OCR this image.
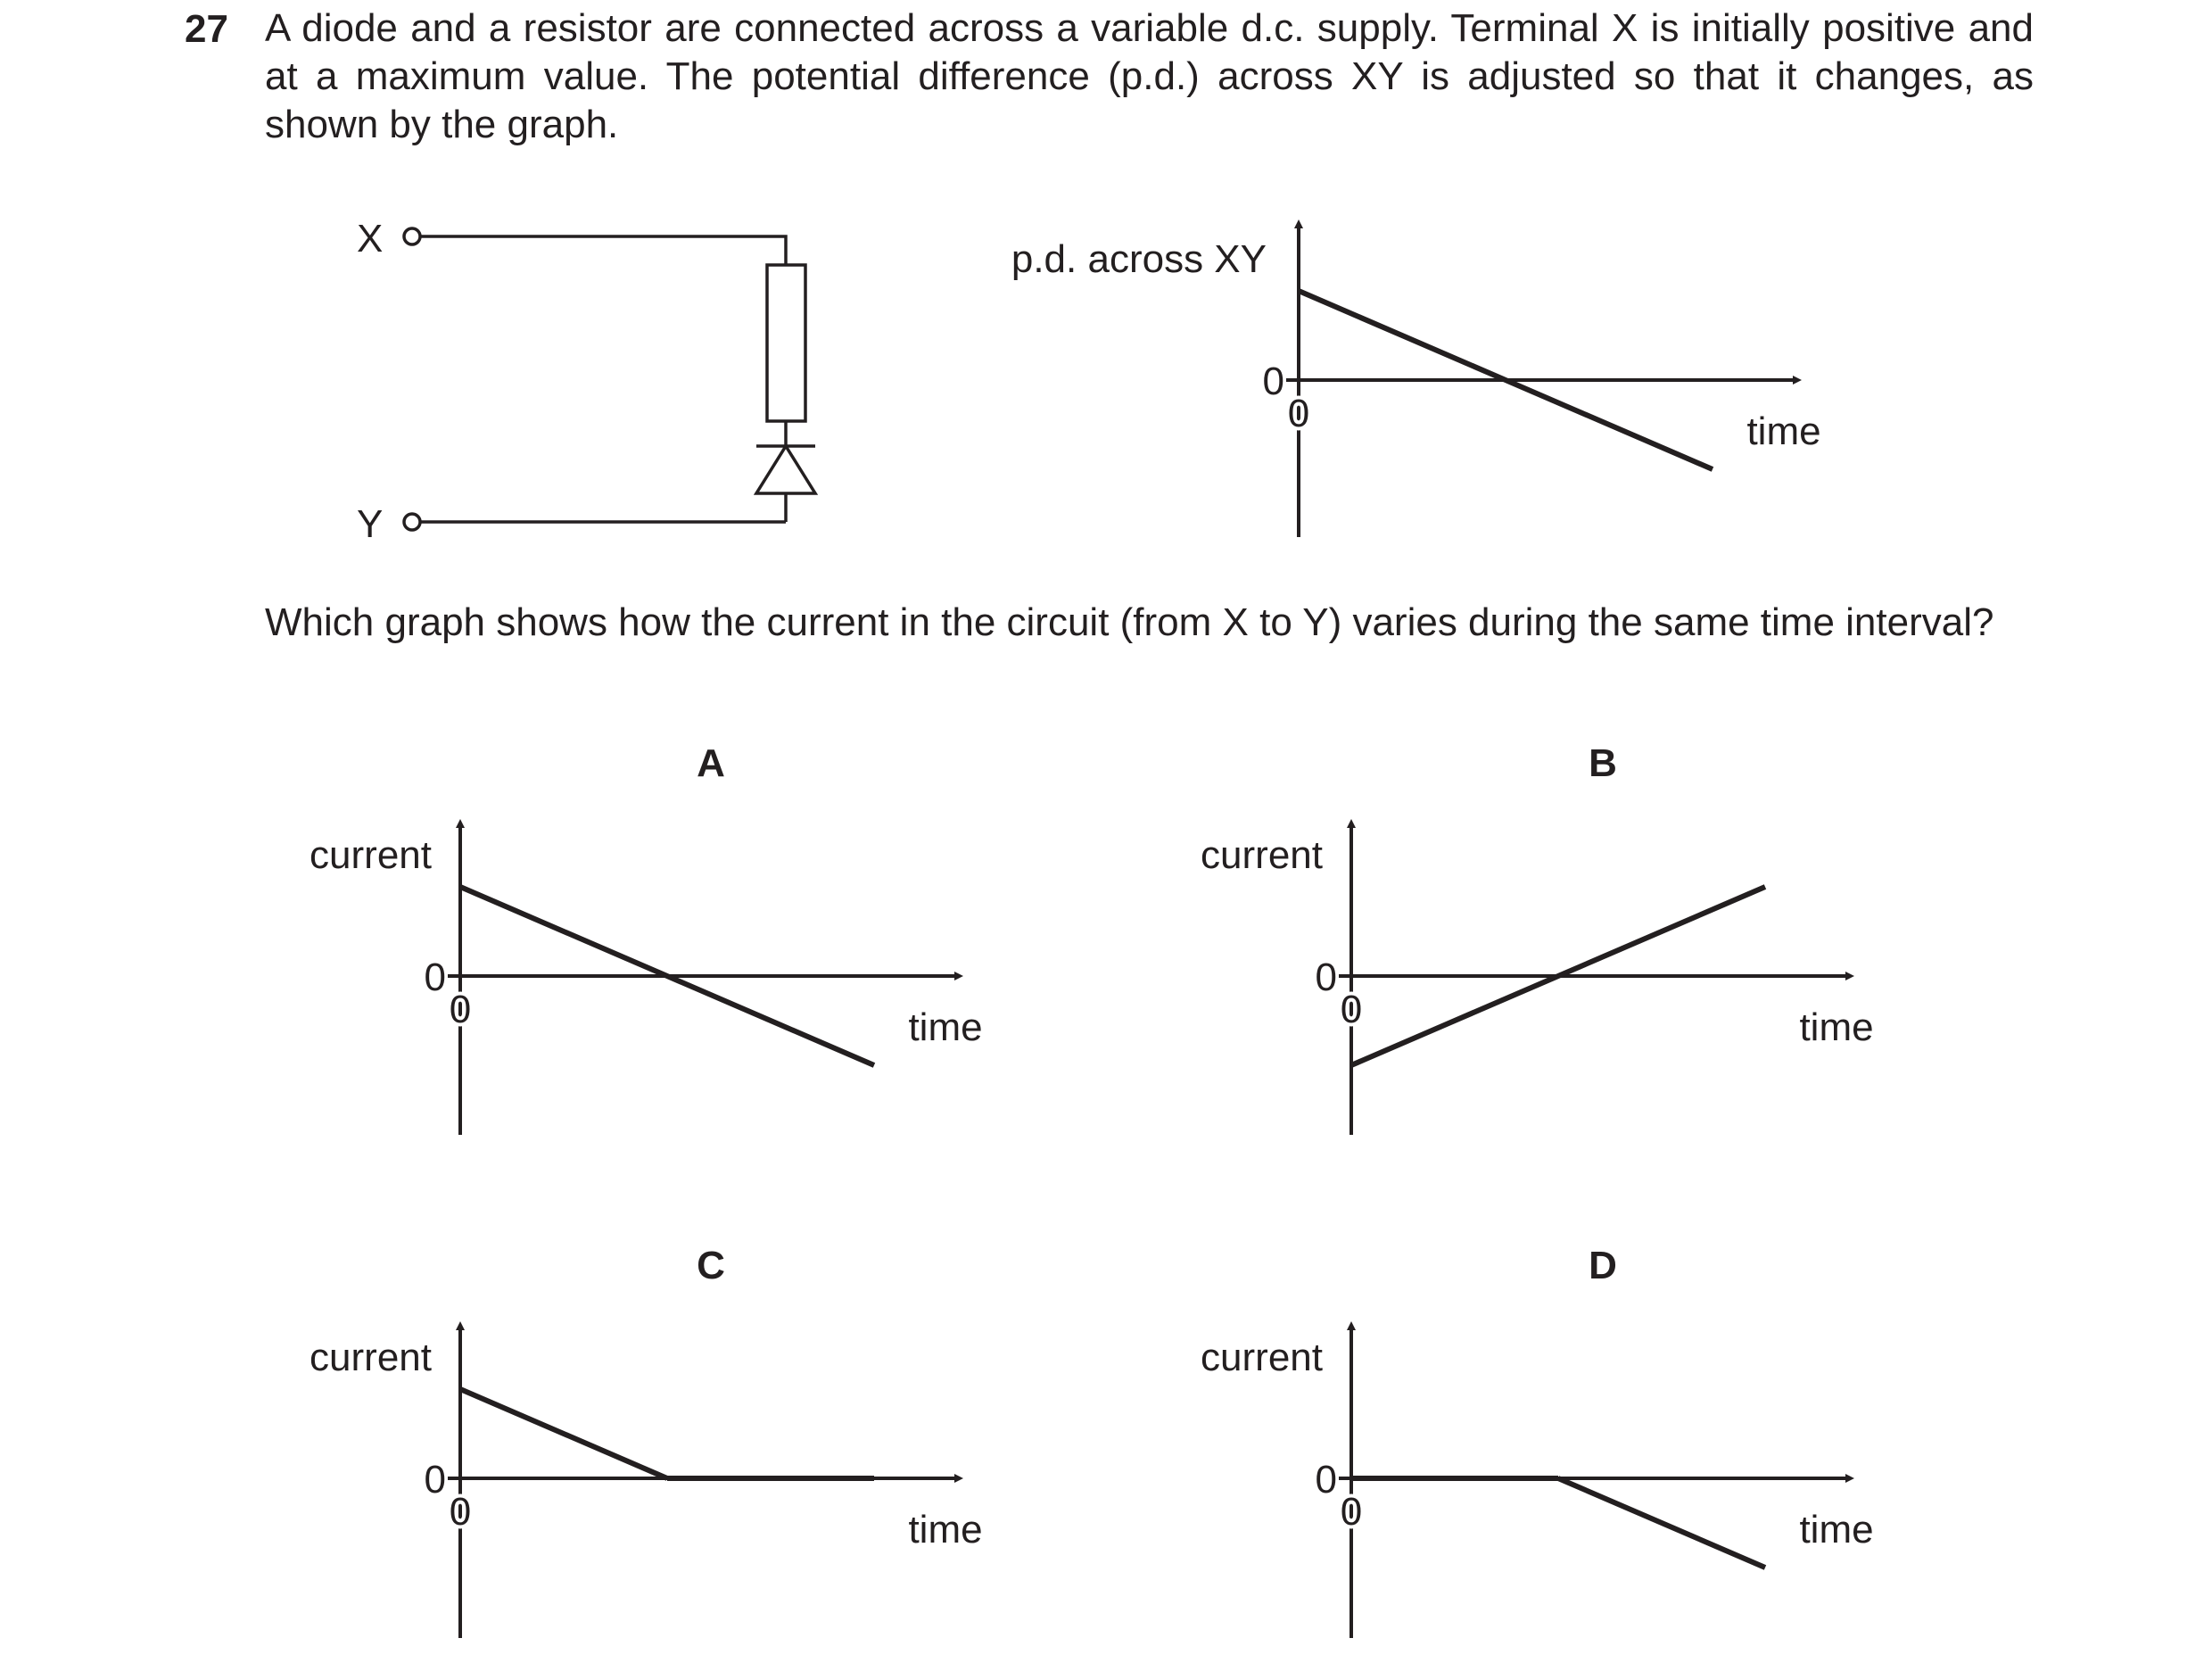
27 A diode and a resistor are connected across a variable d.c. supply. Terminal X is initially positive and at a maximum value. The potential difference (p.d.) across XY is adjusted so that it changes, as shown by the graph.
Which graph shows how the current in the circuit (from X to Y) varies during the same time interval?
X
Y
p.d. across XY
0
0	time
A
current
0
0	time
B
current
0
0	time
C
current
0
0	time
D
current
0
0	time
